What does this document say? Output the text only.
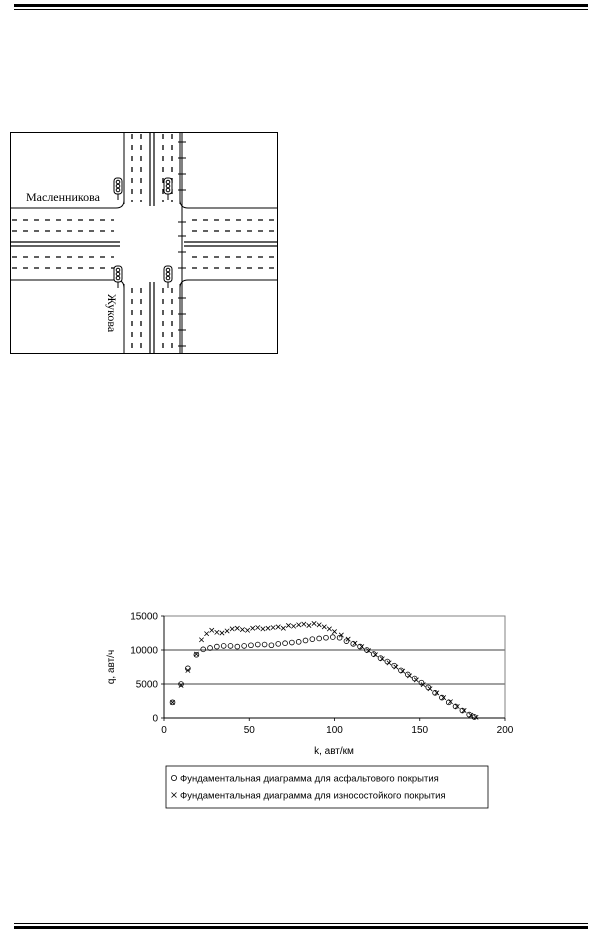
Масленникова
Жукова
0
5000
10000
15000
0	50	100	150	200
k, авт/км
q, авт/ч
Фундаментальная диаграмма для асфальтового покрытия
Фундаментальная диаграмма для износостойкого покрытия
